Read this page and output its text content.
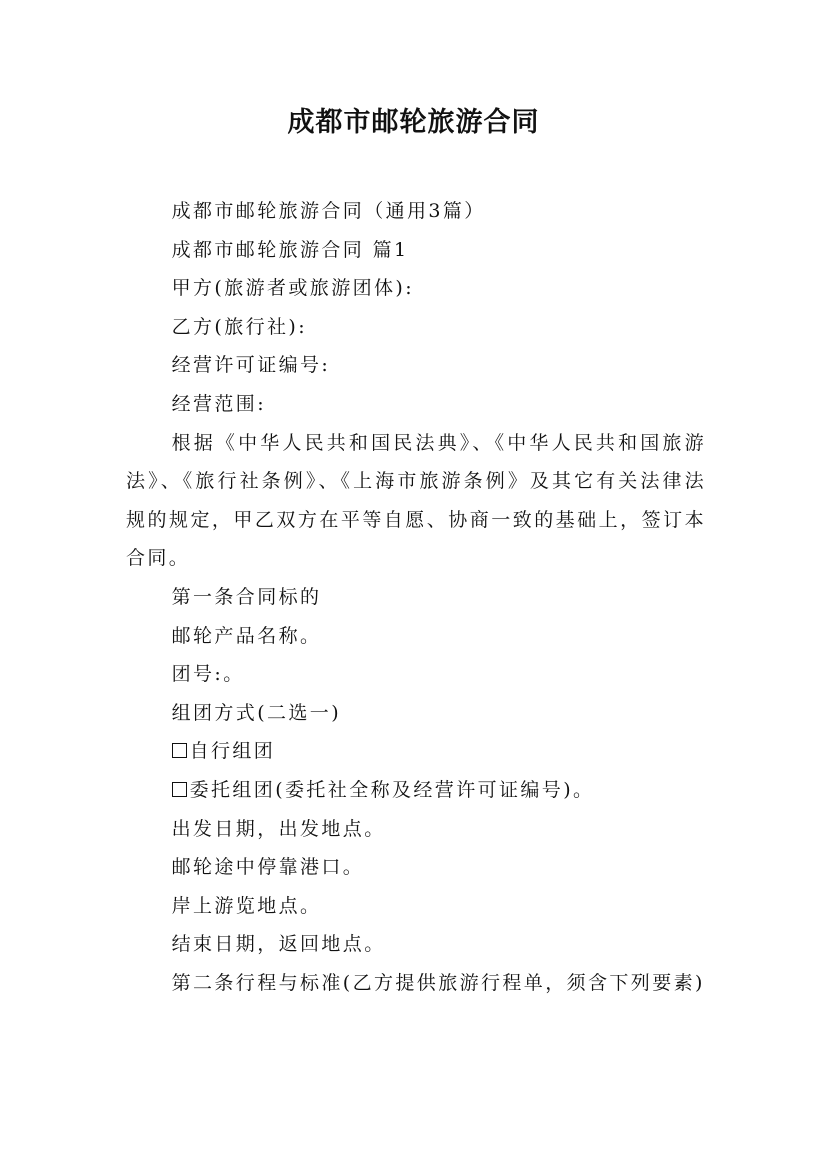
成都市邮轮旅游合同

成都市邮轮旅游合同（通用3篇）

成都市邮轮旅游合同 篇1

甲方(旅游者或旅游团体):

乙方(旅行社):

经营许可证编号:

经营范围:

根据《中华人民共和国民法典》、《中华人民共和国旅游法》、《旅行社条例》、《上海市旅游条例》及其它有关法律法规的规定，甲乙双方在平等自愿、协商一致的基础上，签订本合同。

第一条合同标的

邮轮产品名称。

团号:。

组团方式(二选一)

自行组团

委托组团(委托社全称及经营许可证编号)。

出发日期，出发地点。

邮轮途中停靠港口。

岸上游览地点。

结束日期，返回地点。

第二条行程与标准(乙方提供旅游行程单，须含下列要素)
